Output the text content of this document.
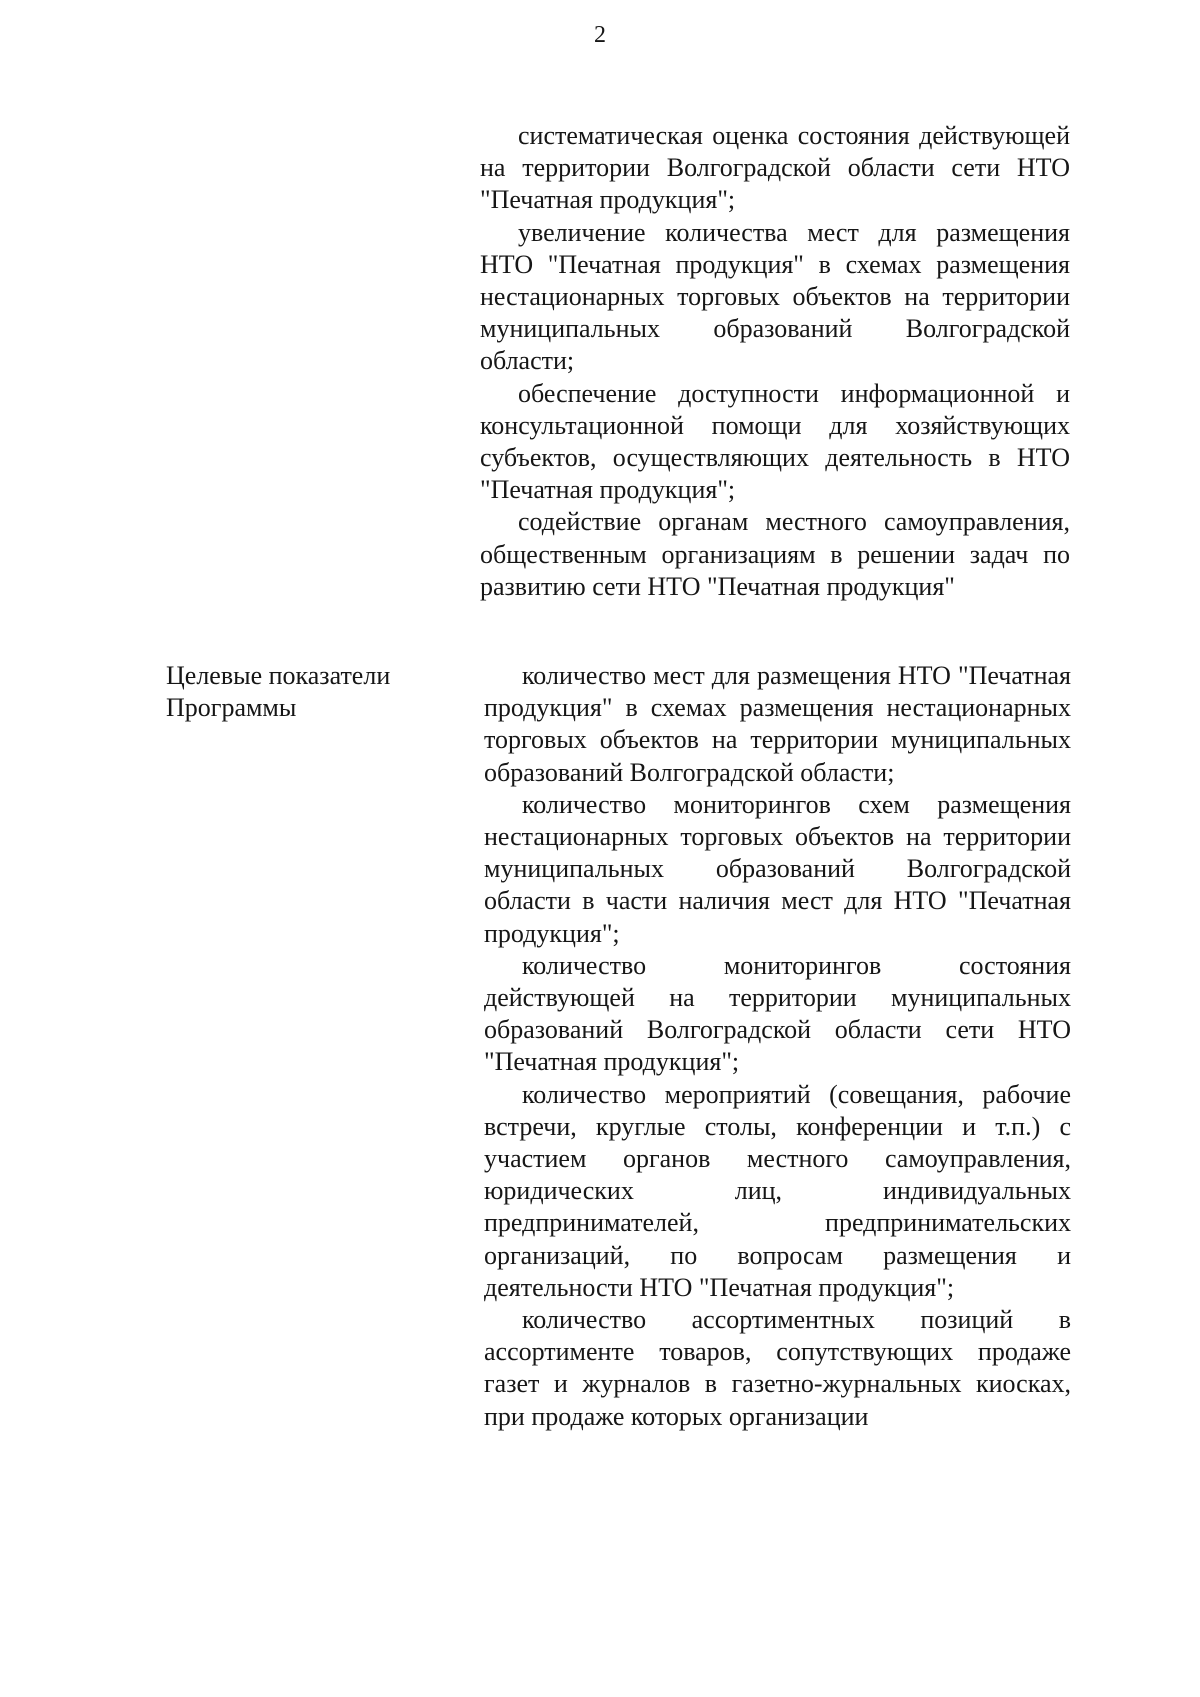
2

систематическая оценка состояния действующей на территории Волгоградской области сети НТО "Печатная продукция";

увеличение количества мест для размещения НТО "Печатная продукция" в схемах размещения нестационарных торговых объектов на территории муниципальных образований Волгоградской области;

обеспечение доступности информационной и консультационной помощи для хозяйствующих субъектов, осуществляющих деятельность в НТО "Печатная продукция";

содействие органам местного самоуправления, общественным организациям в решении задач по развитию сети НТО "Печатная продукция"

Целевые показатели
Программы

количество мест для размещения НТО "Печатная продукция" в схемах размещения нестационарных торговых объектов на территории муниципальных образований Волгоградской области;

количество мониторингов схем размещения нестационарных торговых объектов на территории муниципальных образований Волгоградской области в части наличия мест для НТО "Печатная продукция";

количество мониторингов состояния действующей на территории муниципальных образований Волгоградской области сети НТО "Печатная продукция";

количество мероприятий (совещания, рабочие встречи, круглые столы, конференции и т.п.) с участием органов местного самоуправления, юридических лиц, индивидуальных предпринимателей, предпринимательских организаций, по вопросам размещения и деятельности НТО "Печатная продукция";

количество ассортиментных позиций в ассортименте товаров, сопутствующих продаже газет и журналов в газетно-журнальных киосках, при продаже которых организации
